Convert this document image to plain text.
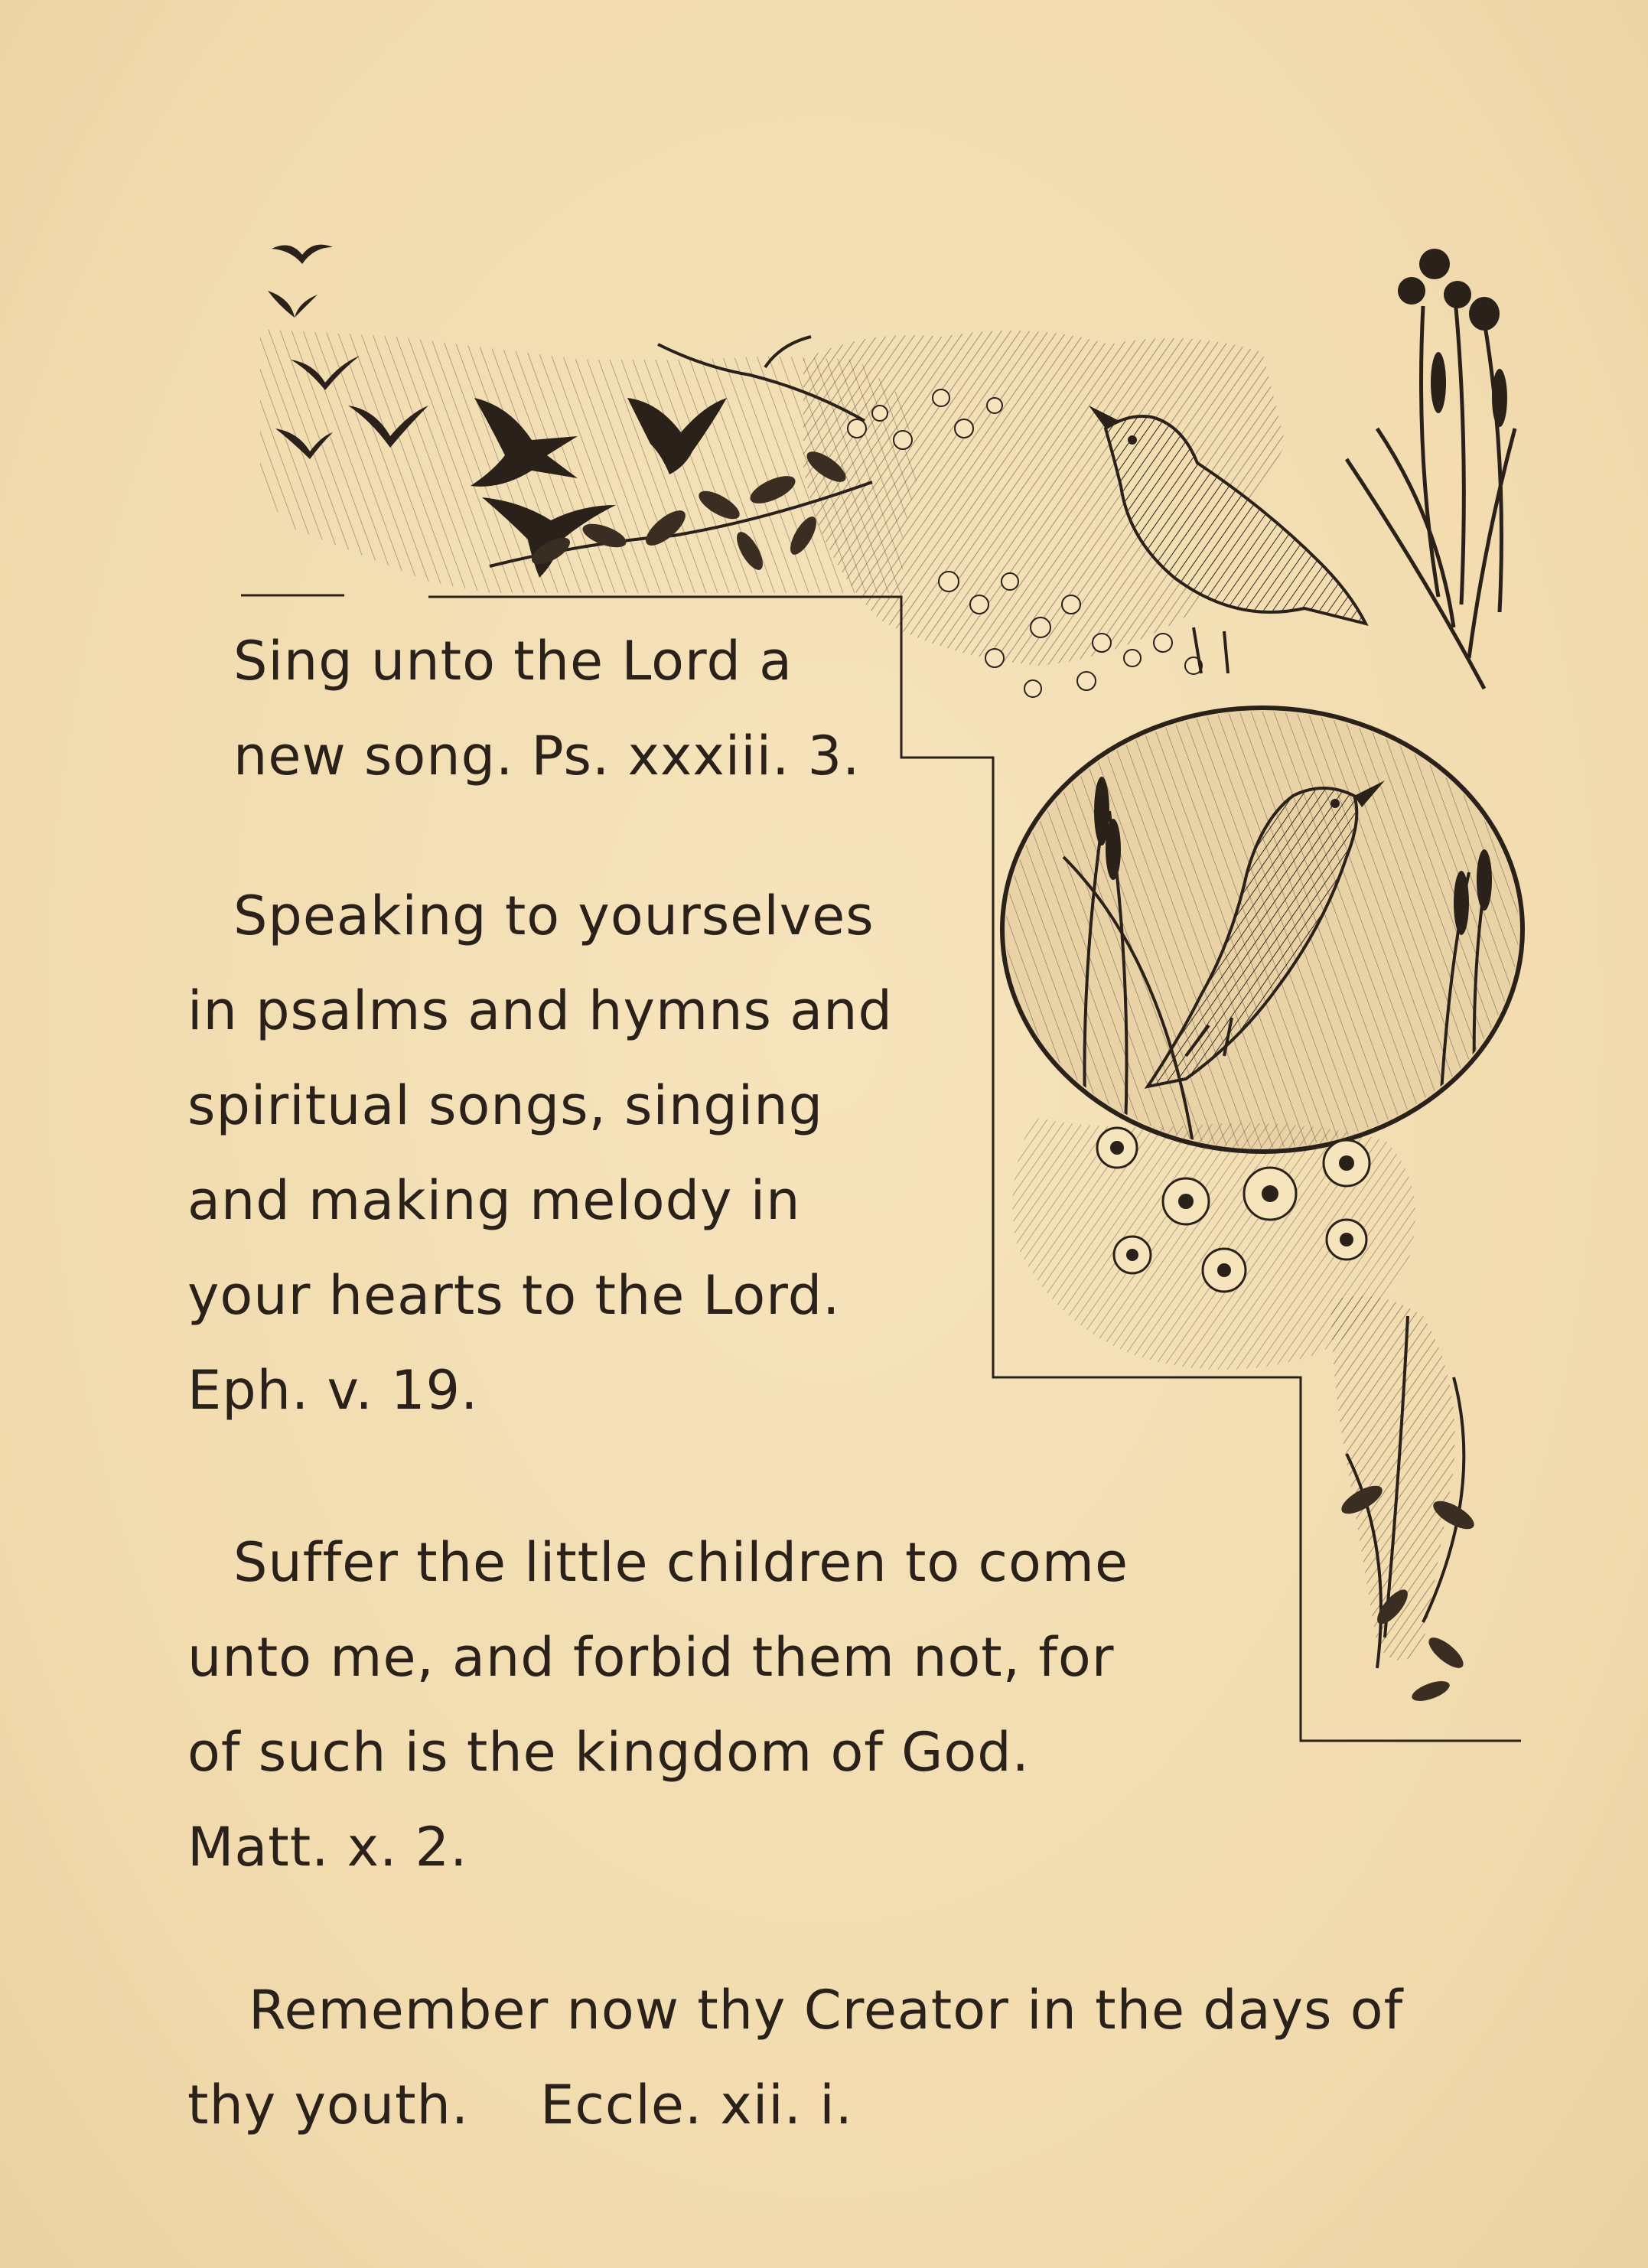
Sing unto the Lord a
new song. Ps. xxxiii. 3.

Speaking to yourselves
in psalms and hymns and
spiritual songs, singing
and making melody in
your hearts to the Lord.
Eph. v. 19.

Suffer the little children to come
unto me, and forbid them not, for
of such is the kingdom of God.
Matt. x. 2.

Remember now thy Creator in the days of
thy youth.    Eccle. xii. i.
